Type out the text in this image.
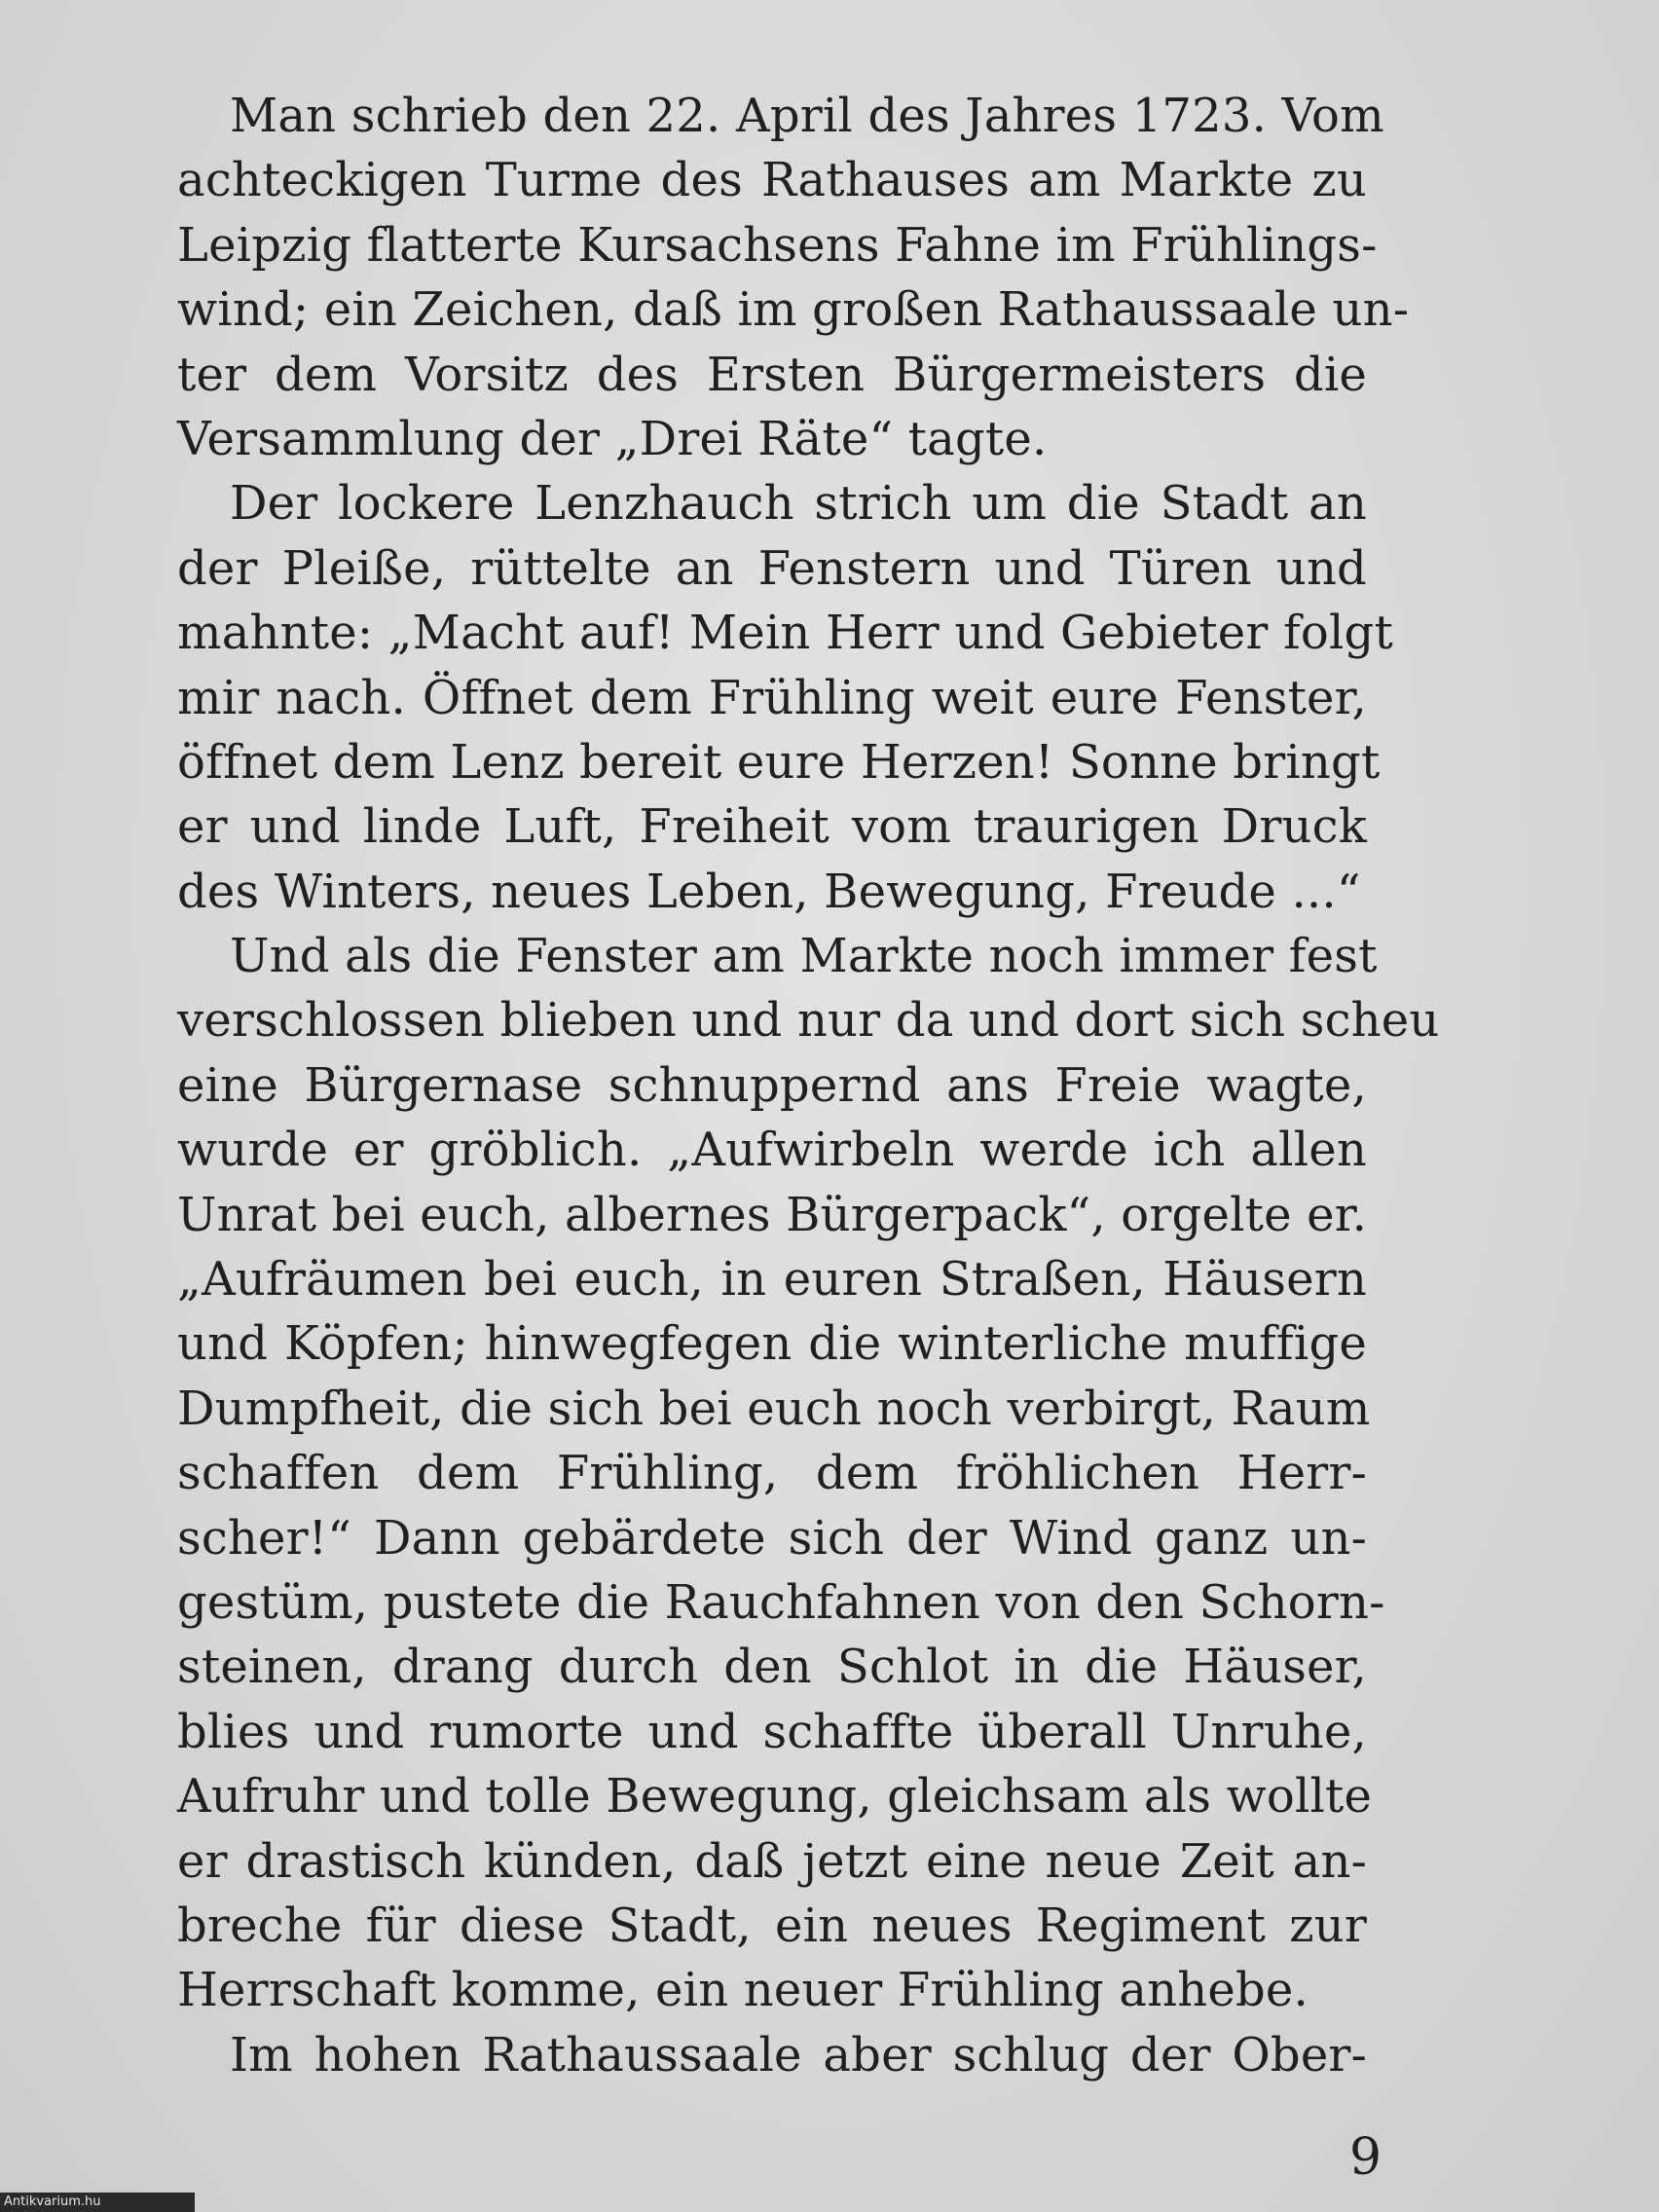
Man schrieb den 22. April des Jahres 1723. Vom
achteckigen Turme des Rathauses am Markte zu
Leipzig flatterte Kursachsens Fahne im Frühlings-
wind; ein Zeichen, daß im großen Rathaussaale un-
ter dem Vorsitz des Ersten Bürgermeisters die
Versammlung der „Drei Räte“ tagte.
Der lockere Lenzhauch strich um die Stadt an
der Pleiße, rüttelte an Fenstern und Türen und
mahnte: „Macht auf! Mein Herr und Gebieter folgt
mir nach. Öffnet dem Frühling weit eure Fenster,
öffnet dem Lenz bereit eure Herzen! Sonne bringt
er und linde Luft, Freiheit vom traurigen Druck
des Winters, neues Leben, Bewegung, Freude ...“
Und als die Fenster am Markte noch immer fest
verschlossen blieben und nur da und dort sich scheu
eine Bürgernase schnuppernd ans Freie wagte,
wurde er gröblich. „Aufwirbeln werde ich allen
Unrat bei euch, albernes Bürgerpack“, orgelte er.
„Aufräumen bei euch, in euren Straßen, Häusern
und Köpfen; hinwegfegen die winterliche muffige
Dumpfheit, die sich bei euch noch verbirgt, Raum
schaffen dem Frühling, dem fröhlichen Herr-
scher!“ Dann gebärdete sich der Wind ganz un-
gestüm, pustete die Rauchfahnen von den Schorn-
steinen, drang durch den Schlot in die Häuser,
blies und rumorte und schaffte überall Unruhe,
Aufruhr und tolle Bewegung, gleichsam als wollte
er drastisch künden, daß jetzt eine neue Zeit an-
breche für diese Stadt, ein neues Regiment zur
Herrschaft komme, ein neuer Frühling anhebe.
Im hohen Rathaussaale aber schlug der Ober-
9
Antikvarium.hu
